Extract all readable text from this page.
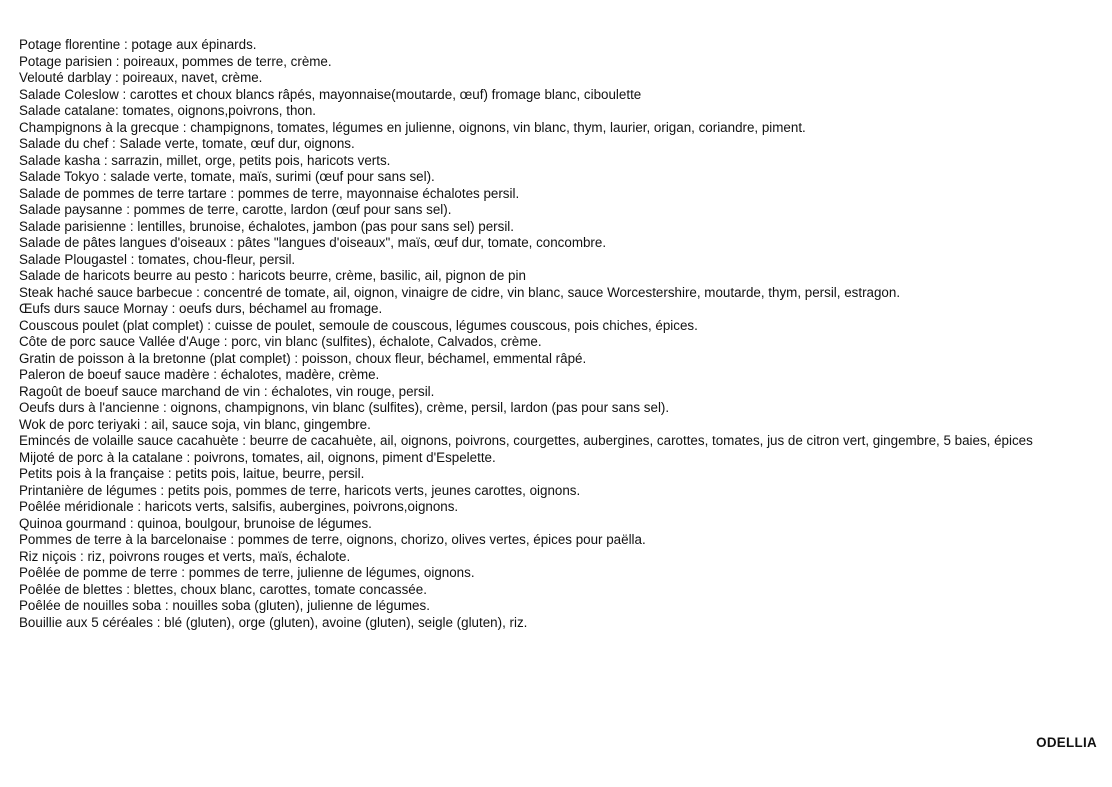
Potage florentine : potage aux épinards.
Potage parisien : poireaux, pommes de terre, crème.
Velouté darblay : poireaux, navet, crème.
Salade Coleslow : carottes et choux blancs râpés, mayonnaise(moutarde, œuf) fromage blanc, ciboulette
Salade catalane: tomates, oignons,poivrons, thon.
Champignons à la grecque : champignons, tomates, légumes en julienne, oignons, vin blanc, thym, laurier, origan, coriandre, piment.
Salade du chef : Salade verte, tomate, œuf dur, oignons.
Salade kasha : sarrazin, millet, orge, petits pois, haricots verts.
Salade Tokyo : salade verte, tomate, maïs, surimi (œuf pour sans sel).
Salade de pommes de terre tartare : pommes de terre, mayonnaise échalotes persil.
Salade paysanne : pommes de terre, carotte, lardon (œuf pour sans sel).
Salade parisienne : lentilles, brunoise, échalotes, jambon (pas pour sans sel) persil.
Salade de pâtes langues d'oiseaux : pâtes "langues d'oiseaux", maïs, œuf dur, tomate, concombre.
Salade Plougastel : tomates, chou-fleur, persil.
Salade de haricots beurre au pesto : haricots beurre, crème, basilic, ail, pignon de pin
Steak haché sauce barbecue : concentré de tomate, ail, oignon, vinaigre de cidre, vin blanc, sauce Worcestershire, moutarde, thym, persil, estragon.
Œufs durs sauce Mornay : oeufs durs, béchamel au fromage.
Couscous poulet (plat complet) : cuisse de poulet, semoule de couscous, légumes couscous, pois chiches, épices.
Côte de porc sauce Vallée d'Auge : porc, vin blanc (sulfites), échalote, Calvados, crème.
Gratin de poisson à la bretonne (plat complet) : poisson, choux fleur, béchamel, emmental râpé.
Paleron de boeuf sauce madère : échalotes, madère, crème.
Ragoût de boeuf sauce marchand de vin : échalotes, vin rouge, persil.
Oeufs durs à l'ancienne : oignons, champignons, vin blanc (sulfites), crème, persil, lardon (pas pour sans sel).
Wok de porc teriyaki : ail, sauce soja, vin blanc, gingembre.
Emincés de volaille sauce cacahuète : beurre de cacahuète, ail, oignons, poivrons, courgettes, aubergines, carottes, tomates, jus de citron vert, gingembre, 5 baies, épices
Mijoté de porc à la catalane : poivrons, tomates, ail, oignons, piment d'Espelette.
Petits pois à la française : petits pois, laitue, beurre, persil.
Printanière de légumes : petits pois, pommes de terre, haricots verts, jeunes carottes, oignons.
Poêlée méridionale : haricots verts, salsifis, aubergines, poivrons,oignons.
Quinoa gourmand : quinoa, boulgour, brunoise de légumes.
Pommes de terre à la barcelonaise : pommes de terre, oignons, chorizo, olives vertes, épices pour paëlla.
Riz niçois : riz, poivrons rouges et verts, maïs, échalote.
Poêlée de pomme de terre : pommes de terre, julienne de légumes, oignons.
Poêlée de blettes : blettes, choux blanc, carottes, tomate concassée.
Poêlée de nouilles soba : nouilles soba (gluten), julienne de légumes.
Bouillie aux 5 céréales : blé (gluten), orge (gluten), avoine (gluten), seigle (gluten), riz.
ODELLIA
